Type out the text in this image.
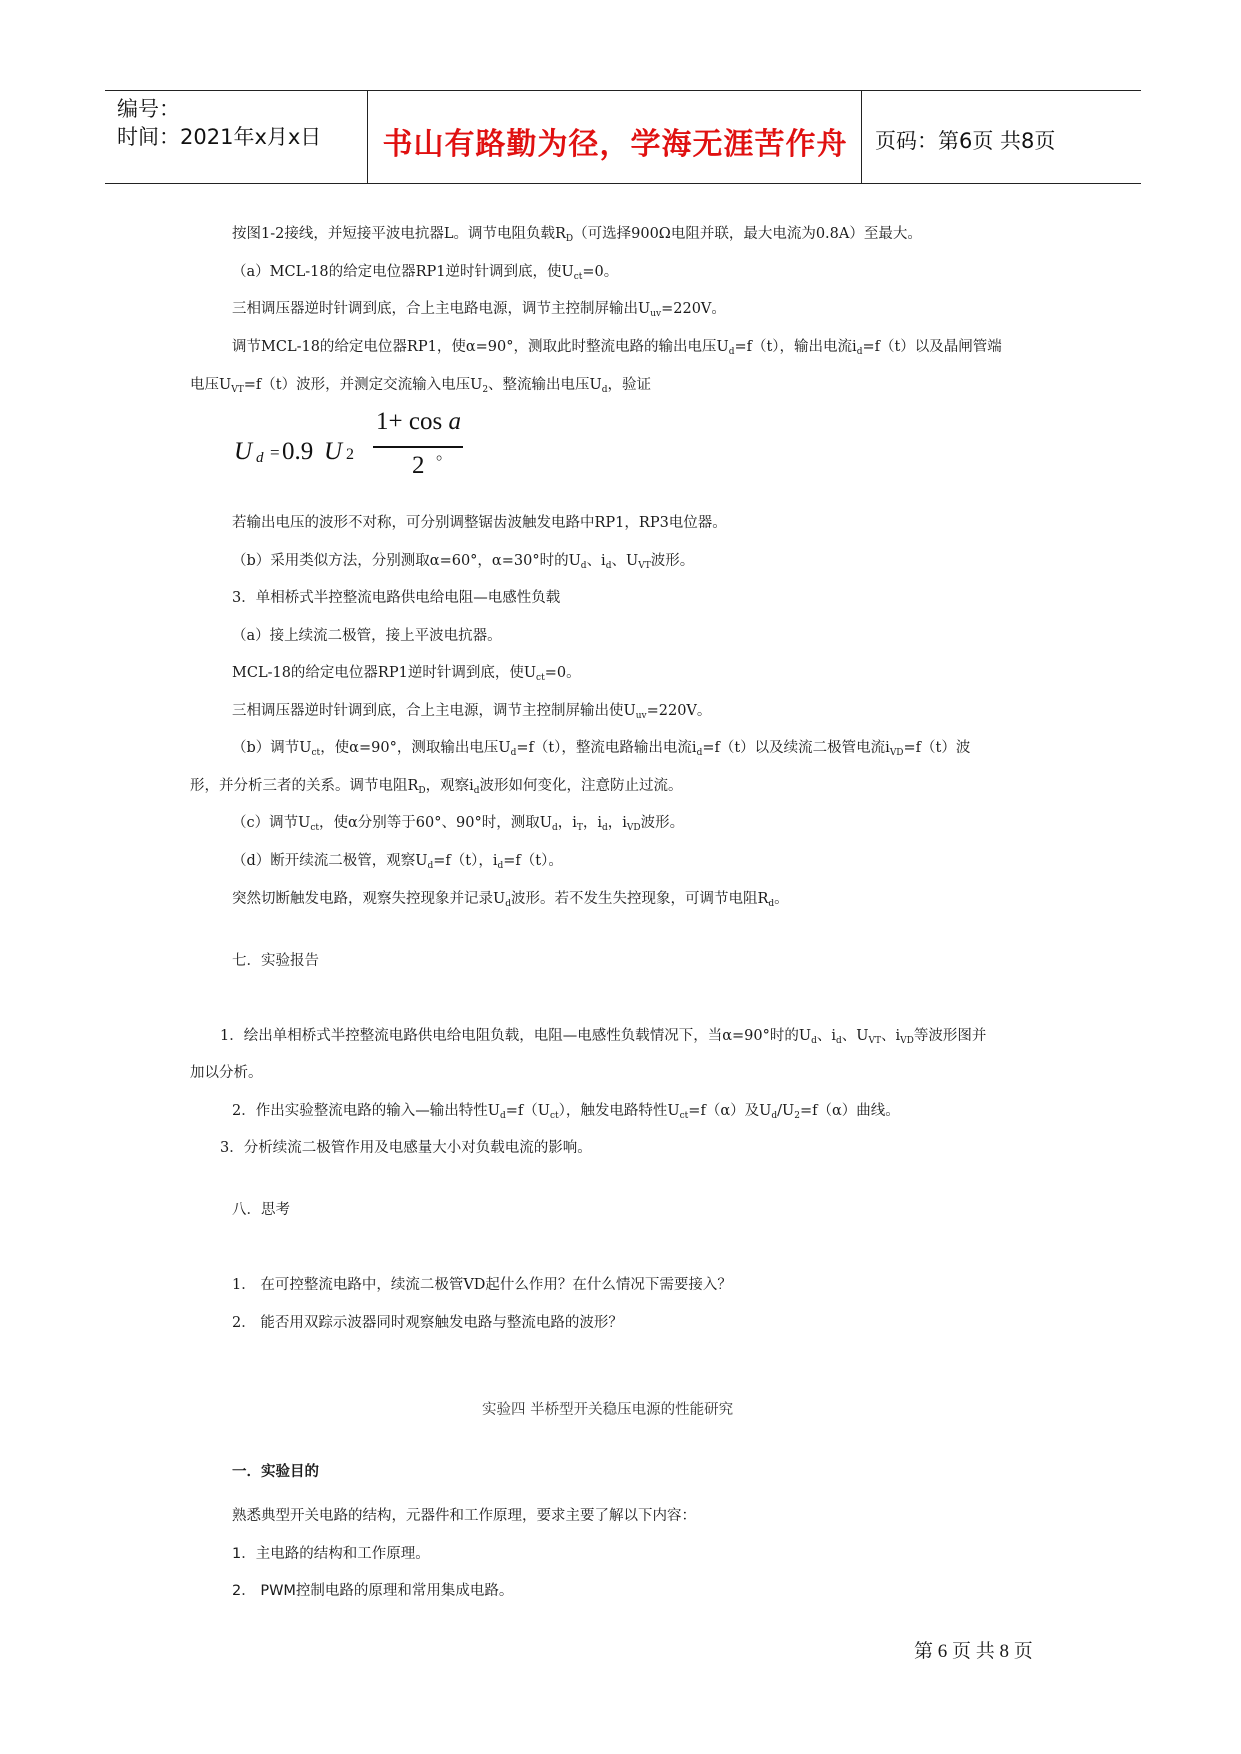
编号：
时间：2021年x月x日	书山有路勤为径，学海无涯苦作舟	页码：第6页 共8页
按图1-2接线，并短接平波电抗器L。调节电阻负载$R_D$（可选择900Ω电阻并联，最大电流为0.8A）至最大。
（a）MCL-18的给定电位器RP1逆时针调到底，使$U_{ct}=0$。
三相调压器逆时针调到底，合上主电路电源，调节主控制屏输出$U_{uv}=220V$。
调节MCL-18的给定电位器RP1，使α=90°，测取此时整流电路的输出电压$U_d=f(t)$，输出电流$i_d=f(t)$以及晶闸管端
电压$U_{VT}=f(t)$波形，并测定交流输入电压$U_2$、整流输出电压$U_d$，验证
U d = 0.9 U 2
1+ cos a
2 。
若输出电压的波形不对称，可分别调整锯齿波触发电路中RP1，RP3电位器。
（b）采用类似方法，分别测取α=60°，α=30°时的$U_d$、$i_d$、$U_{VT}$波形。
3．单相桥式半控整流电路供电给电阻—电感性负载
（a）接上续流二极管，接上平波电抗器。
MCL-18的给定电位器RP1逆时针调到底，使$U_{ct}=0$。
三相调压器逆时针调到底，合上主电源，调节主控制屏输出使$U_{uv}=220V$。
（b）调节$U_{ct}$，使α=90°，测取输出电压$U_d=f(t)$，整流电路输出电流$i_d=f(t)$以及续流二极管电流$i_{VD}=f(t)$波
形，并分析三者的关系。调节电阻$R_D$，观察$i_d$波形如何变化，注意防止过流。
（c）调节$U_{ct}$，使α分别等于60°、90°时，测取$U_d$，$i_T$，$i_d$，$i_{VD}$波形。
（d）断开续流二极管，观察$U_d=f(t)$，$i_d=f(t)$。
突然切断触发电路，观察失控现象并记录$U_d$波形。若不发生失控现象，可调节电阻$R_d$。
七．实验报告
1．绘出单相桥式半控整流电路供电给电阻负载，电阻—电感性负载情况下，当α=90°时的$U_d$、$i_d$、$U_{VT}$、$i_{VD}$等波形图并
加以分析。
2．作出实验整流电路的输入—输出特性$U_d=f(U_{ct})$，触发电路特性$U_{ct}=f(\alpha)$及$U_d/U_2=f(\alpha)$曲线。
3．分析续流二极管作用及电感量大小对负载电流的影响。
八．思考
1． 在可控整流电路中，续流二极管VD起什么作用？在什么情况下需要接入？
2． 能否用双踪示波器同时观察触发电路与整流电路的波形？
实验四 半桥型开关稳压电源的性能研究
一．实验目的
熟悉典型开关电路的结构，元器件和工作原理，要求主要了解以下内容：
1．主电路的结构和工作原理。
2． PWM控制电路的原理和常用集成电路。
第 6 页 共 8 页
